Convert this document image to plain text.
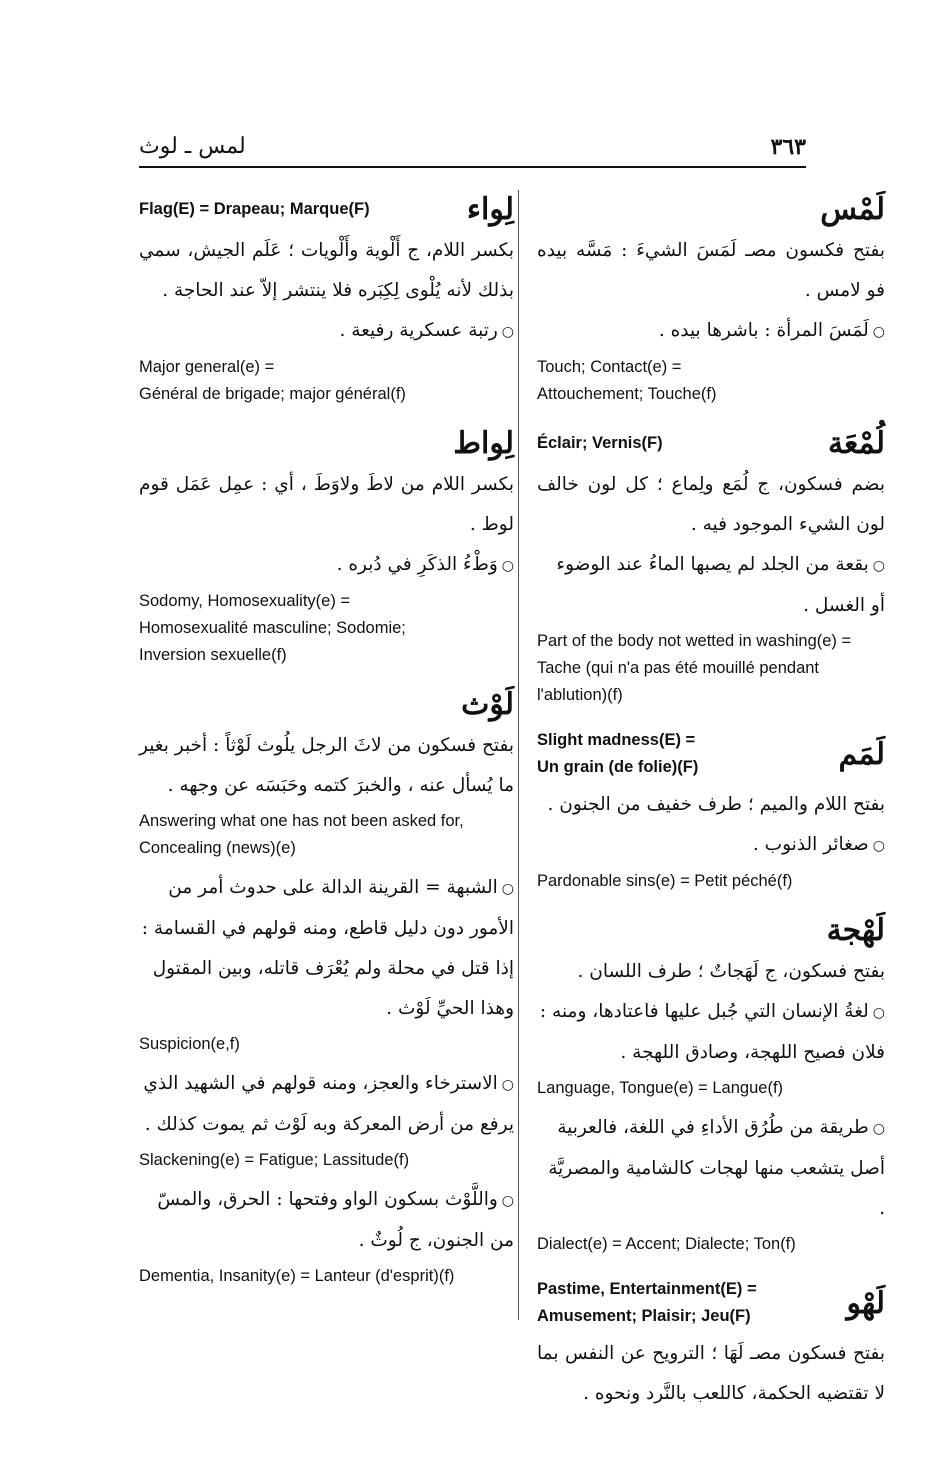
لمس ـ لوث	٣٦٣
لَمْس

بفتح فكسون مصـ لَمَسَ الشيءَ : مَسَّه بيده فو لامس .

○لَمَسَ المرأة : باشرها بيده .
Touch; Contact(e) =
Attouchement; Touche(f)
Éclair; Vernis(F)	لُمْعَة

بضم فسكون، ج لُمَع ولِماع ؛ كل لون خالف لون الشيء الموجود فيه .

○بقعة من الجلد لم يصبها الماءُ عند الوضوء أو الغسل .
Part of the body not wetted in washing(e) =
Tache (qui n'a pas été mouillé pendant l'ablution)(f)
Slight madness(E) =
Un grain (de folie)(F)	لَمَم

بفتح اللام والميم ؛ طرف خفيف من الجنون .

○صغائر الذنوب .
Pardonable sins(e) = Petit péché(f)
لَهْجة

بفتح فسكون، ج لَهَجاتٌ ؛ طرف اللسان .

○لغةُ الإنسان التي جُبل عليها فاعتادها، ومنه : فلان فصيح اللهجة، وصادق اللهجة .
Language, Tongue(e) = Langue(f)
○طريقة من طُرُق الأداءِ في اللغة، فالعربية أصل يتشعب منها لهجات كالشامية والمصريَّة .
Dialect(e) = Accent; Dialecte; Ton(f)
Pastime, Entertainment(E) =
Amusement; Plaisir; Jeu(F)	لَهْو

بفتح فسكون مصـ لَهَا ؛ الترويح عن النفس بما لا تقتضيه الحكمة، كاللعب بالنَّرد ونحوه .

Flag(E) = Drapeau; Marque(F)	لِواء

بكسر اللام، ج أَلْوية وأَلْويات ؛ عَلَم الجيش، سمي بذلك لأنه يُلْوى لِكِبَره فلا ينتشر إلاّ عند الحاجة .

○رتبة عسكرية رفيعة .
Major general(e) =
Général de brigade; major général(f)
لِواط

بكسر اللام من لاطَ ولاوَطَ ، أي : عمِل عَمَل قوم لوط .

○وَطْءُ الذكَرِ في دُبره .
Sodomy, Homosexuality(e) =
Homosexualité masculine; Sodomie;
Inversion sexuelle(f)
لَوْث

بفتح فسكون من لاثَ الرجل يلُوث لَوْثاً : أخبر بغير ما يُسأل عنه ، والخبرَ كتمه وحَبَسَه عن وجهه .

Answering what one has not been asked for, Concealing (news)(e)
○الشبهة = القرينة الدالة على حدوث أمر من الأمور دون دليل قاطع، ومنه قولهم في القسامة : إذا قتل في محلة ولم يُعْرَف قاتله، وبين المقتول وهذا الحيِّ لَوْث .
Suspicion(e,f)
○الاسترخاء والعجز، ومنه قولهم في الشهيد الذي يرفع من أرض المعركة وبه لَوْث ثم يموت كذلك .
Slackening(e) = Fatigue; Lassitude(f)
○واللَّوْث بسكون الواو وفتحها : الحرق، والمسّ من الجنون، ج لُوثٌ .
Dementia, Insanity(e) = Lanteur (d'esprit)(f)
